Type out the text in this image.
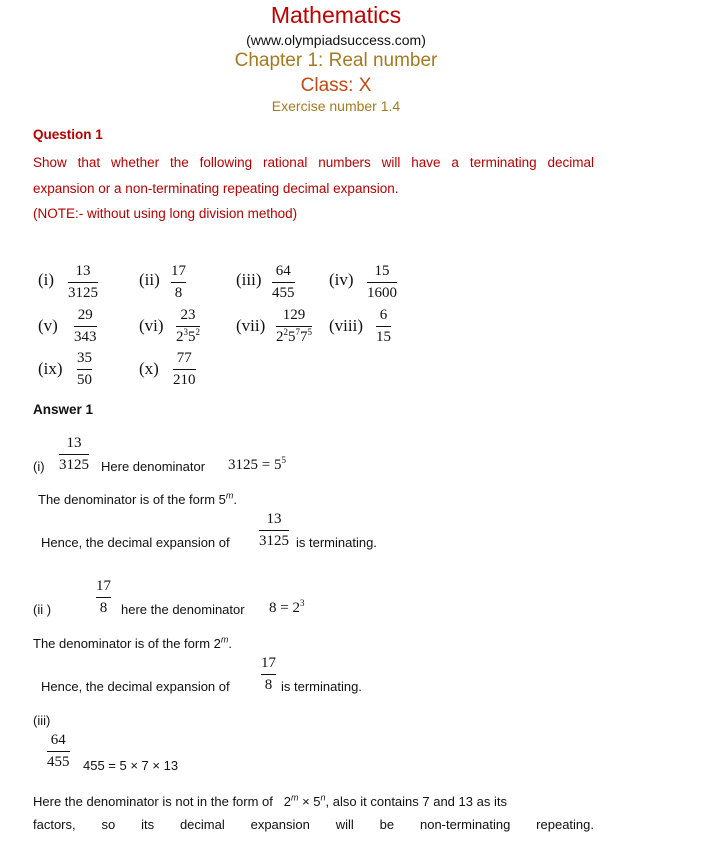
Mathematics
(www.olympiadsuccess.com)
Chapter 1: Real number
Class: X
Exercise number 1.4
Question 1
Show that whether the following rational numbers will have a terminating decimal
expansion or a non-terminating repeating decimal expansion.
(NOTE:- without using long division method)
(i) 13
3125
(ii) 17
8
(iii) 64
455
(iv) 15
1600
(v)
29
343
(vi)
23
$2^35^2$ (vii)
129
$2^25^77^5$ (viii)
6
15
(ix)
35
50
(x)
77
210
Answer 1
13
3125
(i)	Here denominator $3125 = 5^5$
The denominator is of the form 5$^m$.
13
3125
Hence, the decimal expansion of	is terminating.
17
8
(ii )	here the denominator $8 = 2^3$
The denominator is of the form 2$^m$.
17
8
Hence, the decimal expansion of	is terminating.
(iii)
64
455 455 = 5 × 7 × 13
Here the denominator is not in the form of   $2^m \times 5^n$, also it contains 7 and 13 as its
factors, so its decimal expansion will be non-terminating repeating.
